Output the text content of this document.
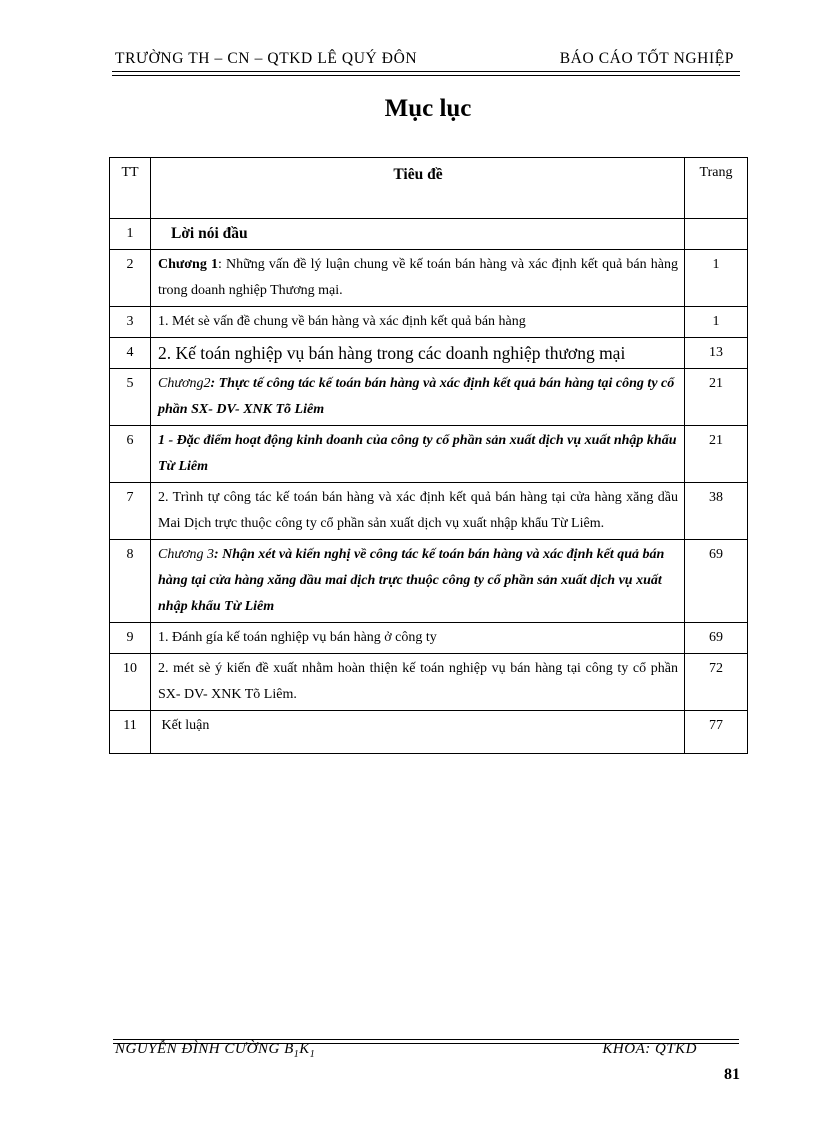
TRƯỜNG TH – CN – QTKD LÊ QUÝ ĐÔN	BÁO CÁO TỐT NGHIỆP
Mục lục
TT	Tiêu đề	Trang
1	Lời nói đầu	
2	Chương 1: Những vấn đề lý luận chung về kế toán bán hàng và xác định kết quả bán hàng trong doanh nghiệp Thương mại.	1
3	1. Mét sè vấn đề chung về bán hàng và xác định kết quả bán hàng	1
4	2. Kế toán nghiệp vụ bán hàng trong các doanh nghiệp thương mại	13
5	Chương2: Thực tế công tác kế toán bán hàng và xác định kết quả bán hàng tại công ty cổ phần SX- DV- XNK Tõ Liêm	21
6	1 - Đặc điểm hoạt động kinh doanh của công ty cổ phần sản xuất dịch vụ xuất nhập khẩu Từ Liêm	21
7	2. Trình tự công tác kế toán bán hàng và xác định kết quả bán hàng tại cửa hàng xăng dầu Mai Dịch trực thuộc công ty cổ phần sản xuất dịch vụ xuất nhập khẩu Từ Liêm.	38
8	Chương 3: Nhận xét và kiến nghị về công tác kế toán bán hàng và xác định kết quả bán hàng tại cửa hàng xăng dầu mai dịch trực thuộc công ty cổ phần sản xuất dịch vụ xuất nhập khẩu Từ Liêm	69
9	1. Đánh gía kế toán nghiệp vụ bán hàng ở công ty	69
10	2. mét sè ý kiến đề xuất nhằm hoàn thiện kế toán nghiệp vụ bán hàng tại công ty cổ phần SX- DV- XNK Tõ Liêm.	72
11	Kết luận	77
NGUYỄN ĐÌNH CƯỜNG $B_1K_1$	KHOA: QTKD
81
